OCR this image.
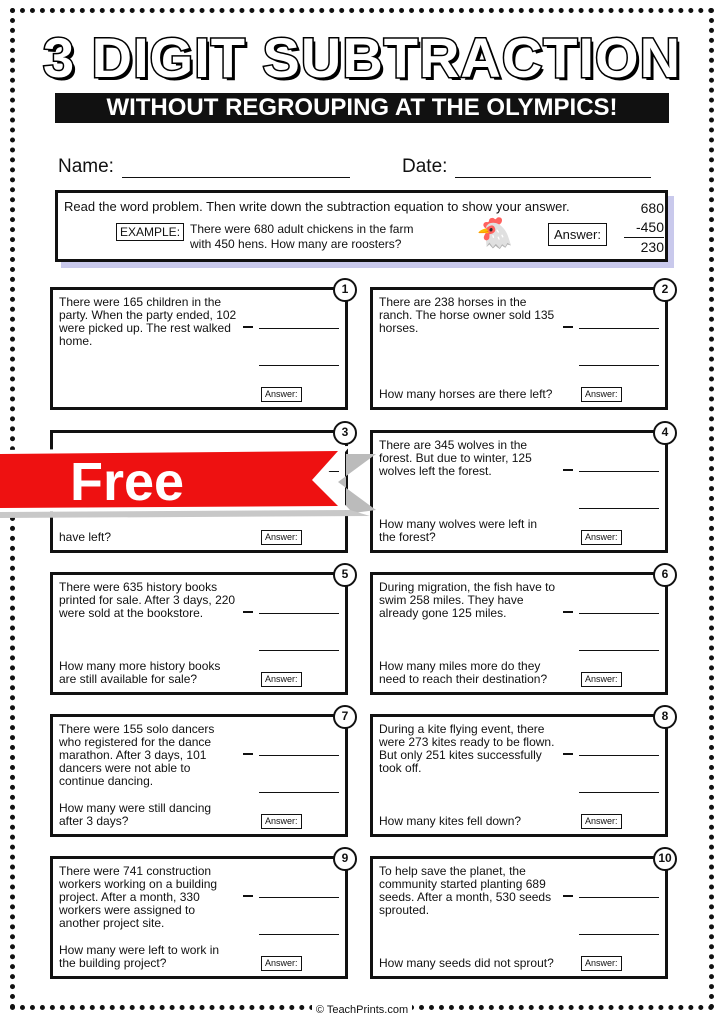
3 DIGIT SUBTRACTION
WITHOUT REGROUPING AT THE OLYMPICS!
Name:	Date:
Read the word problem. Then write down the subtraction equation to show your answer.
EXAMPLE: There were 680 adult chickens in the farm
with 450 hens. How many are roosters?	🐔	Answer:
680
-450
230
1
There were 165 children in the party. When the party ended, 102 were picked up. The rest walked home.
Answer:
2
There are 238 horses in the ranch. The horse owner sold 135 horses.
How many horses are there left?	Answer:
3
have left?	Answer:
4
There are 345 wolves in the forest. But due to winter, 125 wolves left the forest.
How many wolves were left in the forest?	Answer:
5
There were 635 history books printed for sale. After 3 days, 220 were sold at the bookstore.
How many more history books are still available for sale?	Answer:
6
During migration, the fish have to swim 258 miles. They have already gone 125 miles.
How many miles more do they need to reach their destination?	Answer:
7
There were 155 solo dancers who registered for the dance marathon. After 3 days, 101 dancers were not able to continue dancing.
How many were still dancing after 3 days?	Answer:
8
During a kite flying event, there were 273 kites ready to be flown. But only 251 kites successfully took off.
How many kites fell down?	Answer:
9
There were 741 construction workers working on a building project. After a month, 330 workers were assigned to another project site.
How many were left to work in the building project?	Answer:
10
To help save the planet, the community started planting 689 seeds. After a month, 530 seeds sprouted.
How many seeds did not sprout?	Answer:
Free
© TeachPrints.com
